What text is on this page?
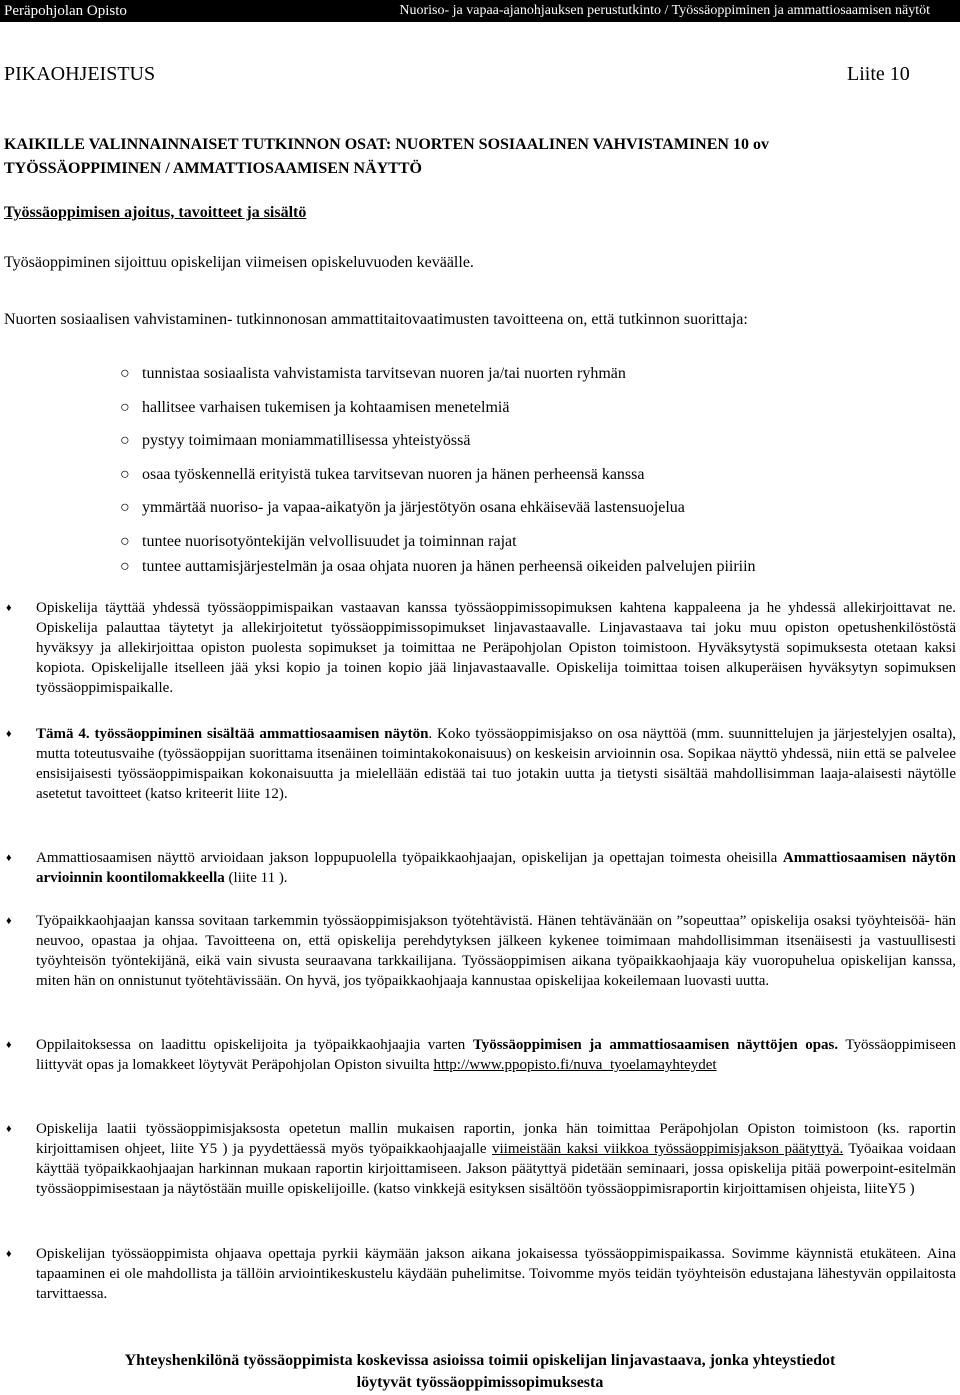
Peräpohjolan Opisto	Nuoriso- ja vapaa-ajanohjauksen perustutkinto / Työssäoppiminen ja ammattiosaamisen näytöt
PIKAOHJEISTUS	Liite 10
KAIKILLE VALINNAINNAISET TUTKINNON OSAT: NUORTEN SOSIAALINEN VAHVISTAMINEN 10 ov
TYÖSSÄOPPIMINEN / AMMATTIOSAAMISEN NÄYTTÖ
Työssäoppimisen ajoitus, tavoitteet ja sisältö
Työsäoppiminen sijoittuu opiskelijan viimeisen opiskeluvuoden keväälle.
Nuorten sosiaalisen vahvistaminen- tutkinnonosan ammattitaitovaatimusten tavoitteena on, että tutkinnon suorittaja:
○ tunnistaa sosiaalista vahvistamista tarvitsevan nuoren ja/tai nuorten ryhmän
○ hallitsee varhaisen tukemisen ja kohtaamisen menetelmiä
○ pystyy toimimaan moniammatillisessa yhteistyössä
○ osaa työskennellä erityistä tukea tarvitsevan nuoren ja hänen perheensä kanssa
○ ymmärtää nuoriso- ja vapaa-aikatyön ja järjestötyön osana ehkäisevää lastensuojelua
○ tuntee nuorisotyöntekijän velvollisuudet ja toiminnan rajat
○ tuntee auttamisjärjestelmän ja osaa ohjata nuoren ja hänen perheensä oikeiden palvelujen piiriin
♦ Opiskelija täyttää yhdessä työssäoppimispaikan vastaavan kanssa työssäoppimissopimuksen kahtena kappaleena ja he yhdessä allekirjoittavat ne. Opiskelija palauttaa täytetyt ja allekirjoitetut työssäoppimissopimukset linjavastaavalle. Linjavastaava tai joku muu opiston opetushenkilöstöstä hyväksyy ja allekirjoittaa opiston puolesta sopimukset ja toimittaa ne Peräpohjolan Opiston toimistoon. Hyväksytystä sopimuksesta otetaan kaksi kopiota. Opiskelijalle itselleen jää yksi kopio ja toinen kopio jää linjavastaavalle. Opiskelija toimittaa toisen alkuperäisen hyväksytyn sopimuksen työssäoppimispaikalle.
♦ Tämä 4. työssäoppiminen sisältää ammattiosaamisen näytön. Koko työssäoppimisjakso on osa näyttöä (mm. suunnittelujen ja järjestelyjen osalta), mutta toteutusvaihe (työssäoppijan suorittama itsenäinen toimintakokonaisuus) on keskeisin arvioinnin osa. Sopikaa näyttö yhdessä, niin että se palvelee ensisijaisesti työssäoppimispaikan kokonaisuutta ja mielellään edistää tai tuo jotakin uutta ja tietysti sisältää mahdollisimman laaja-alaisesti näytölle asetetut tavoitteet (katso kriteerit liite 12).
♦ Ammattiosaamisen näyttö arvioidaan jakson loppupuolella työpaikkaohjaajan, opiskelijan ja opettajan toimesta oheisilla Ammattiosaamisen näytön arvioinnin koontilomakkeella (liite 11 ).
♦ Työpaikkaohjaajan kanssa sovitaan tarkemmin työssäoppimisjakson työtehtävistä. Hänen tehtävänään on ”sopeuttaa” opiskelija osaksi työyhteisöä- hän neuvoo, opastaa ja ohjaa. Tavoitteena on, että opiskelija perehdytyksen jälkeen kykenee toimimaan mahdollisimman itsenäisesti ja vastuullisesti työyhteisön työntekijänä, eikä vain sivusta seuraavana tarkkailijana. Työssäoppimisen aikana työpaikkaohjaaja käy vuoropuhelua opiskelijan kanssa, miten hän on onnistunut työtehtävissään. On hyvä, jos työpaikkaohjaaja kannustaa opiskelijaa kokeilemaan luovasti uutta.
♦ Oppilaitoksessa on laadittu opiskelijoita ja työpaikkaohjaajia varten Työssäoppimisen ja ammattiosaamisen näyttöjen opas. Työssäoppimiseen liittyvät opas ja lomakkeet löytyvät Peräpohjolan Opiston sivuilta http://www.ppopisto.fi/nuva_tyoelamayhteydet
♦ Opiskelija laatii työssäoppimisjaksosta opetetun mallin mukaisen raportin, jonka hän toimittaa Peräpohjolan Opiston toimistoon (ks. raportin kirjoittamisen ohjeet, liite Y5 ) ja pyydettäessä myös työpaikkaohjaajalle viimeistään kaksi viikkoa työssäoppimisjakson päätyttyä. Työaikaa voidaan käyttää työpaikkaohjaajan harkinnan mukaan raportin kirjoittamiseen. Jakson päätyttyä pidetään seminaari, jossa opiskelija pitää powerpoint-esitelmän työssäoppimisestaan ja näytöstään muille opiskelijoille. (katso vinkkejä esityksen sisältöön työssäoppimisraportin kirjoittamisen ohjeista, liiteY5 )
♦ Opiskelijan työssäoppimista ohjaava opettaja pyrkii käymään jakson aikana jokaisessa työssäoppimispaikassa. Sovimme käynnistä etukäteen. Aina tapaaminen ei ole mahdollista ja tällöin arviointikeskustelu käydään puhelimitse. Toivomme myös teidän työyhteisön edustajana lähestyvän oppilaitosta tarvittaessa.
Yhteyshenkilönä työssäoppimista koskevissa asioissa toimii opiskelijan linjavastaava, jonka yhteystiedot
löytyvät työssäoppimissopimuksesta
